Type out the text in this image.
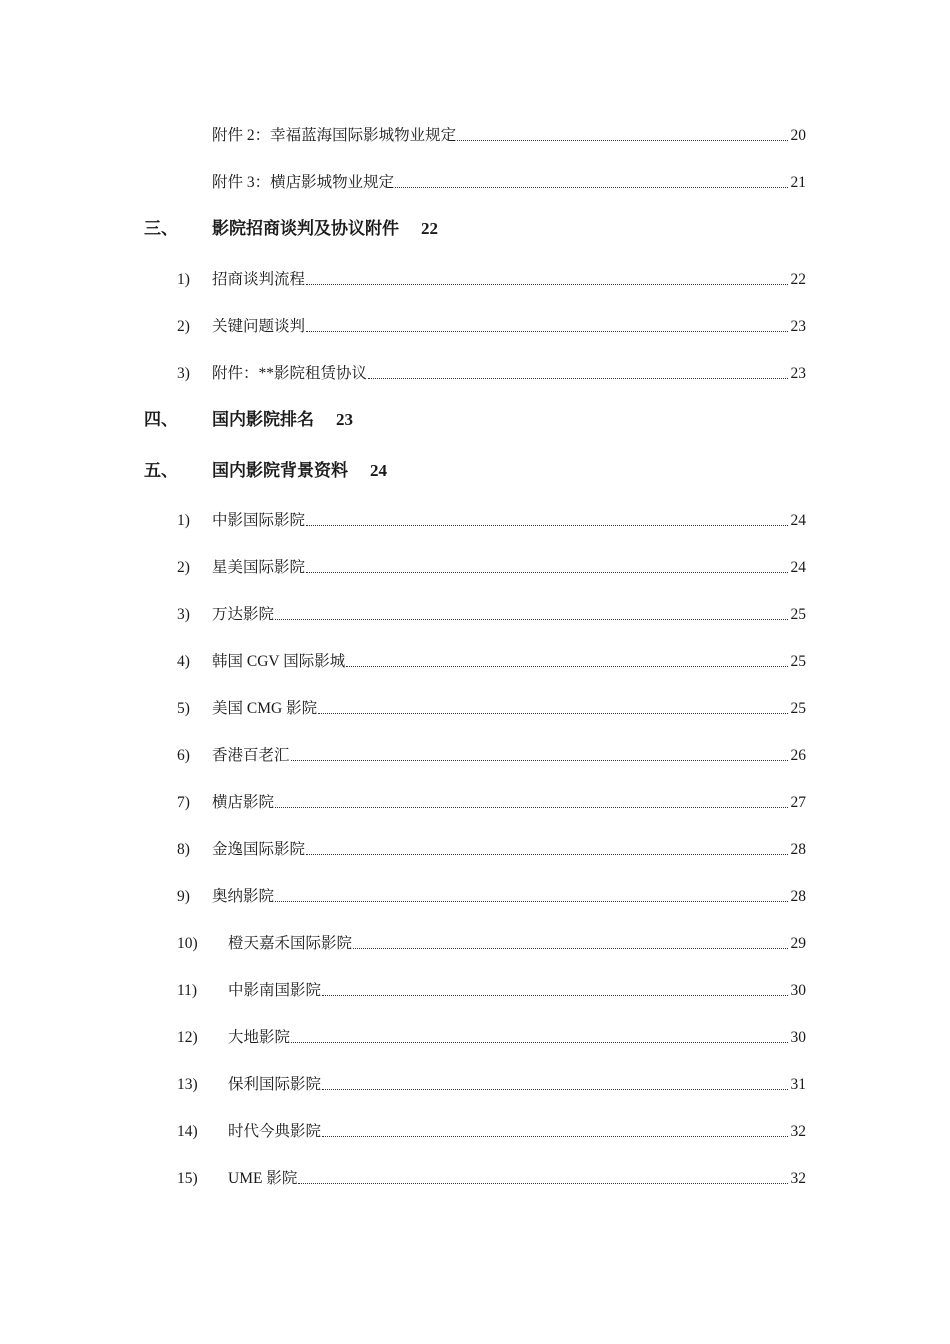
附件 2：幸福蓝海国际影城物业规定	20
附件 3：横店影城物业规定	21
三、 影院招商谈判及协议附件 22
1) 招商谈判流程	22
2) 关键问题谈判	23
3) 附件：**影院租赁协议	23
四、 国内影院排名 23
五、 国内影院背景资料 24
1) 中影国际影院	24
2) 星美国际影院	24
3) 万达影院	25
4) 韩国 CGV 国际影城	25
5) 美国 CMG 影院	25
6) 香港百老汇	26
7) 横店影院	27
8) 金逸国际影院	28
9) 奥纳影院	28
10) 橙天嘉禾国际影院	29
11) 中影南国影院	30
12) 大地影院	30
13) 保利国际影院	31
14) 时代今典影院	32
15) UME 影院	32
